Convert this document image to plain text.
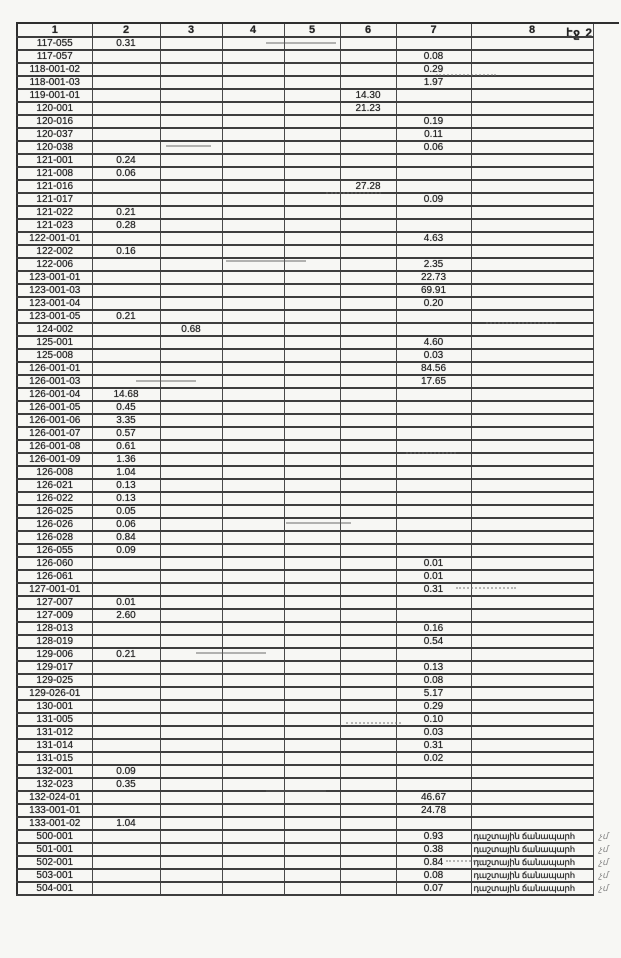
էջ 2
1	2	3	4	5	6	7	8	
117-055	0.31							
117-057						0.08		
118-001-02						0.29		
118-001-03						1.97		
119-001-01					14.30			
120-001					21.23			
120-016						0.19		
120-037						0.11		
120-038						0.06		
121-001	0.24							
121-008	0.06							
121-016					27.28			
121-017						0.09		
121-022	0.21							
121-023	0.28							
122-001-01						4.63		
122-002	0.16							
122-006						2.35		
123-001-01						22.73		
123-001-03						69.91		
123-001-04						0.20		
123-001-05	0.21							
124-002		0.68						
125-001						4.60		
125-008						0.03		
126-001-01						84.56		
126-001-03						17.65		
126-001-04	14.68							
126-001-05	0.45							
126-001-06	3.35							
126-001-07	0.57							
126-001-08	0.61							
126-001-09	1.36							
126-008	1.04							
126-021	0.13							
126-022	0.13							
126-025	0.05							
126-026	0.06							
126-028	0.84							
126-055	0.09							
126-060						0.01		
126-061						0.01		
127-001-01						0.31		
127-007	0.01							
127-009	2.60							
128-013						0.16		
128-019						0.54		
129-006	0.21							
129-017						0.13		
129-025						0.08		
129-026-01						5.17		
130-001						0.29		
131-005						0.10		
131-012						0.03		
131-014						0.31		
131-015						0.02		
132-001	0.09							
132-023	0.35							
132-024-01						46.67		
133-001-01						24.78		
133-001-02	1.04							
500-001						0.93	դաշտային ճանապարհ	չմ
501-001						0.38	դաշտային ճանապարհ	չմ
502-001						0.84	դաշտային ճանապարհ	չմ
503-001						0.08	դաշտային ճանապարհ	չմ
504-001						0.07	դաշտային ճանապարհ	չմ
